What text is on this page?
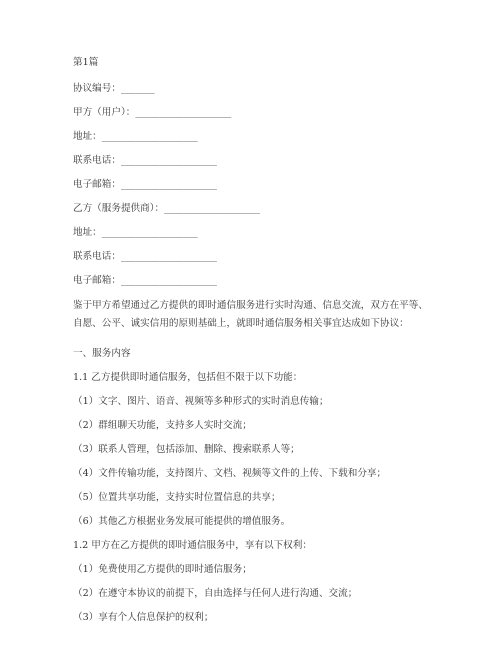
第1篇
协议编号：_______
甲方（用户）：____________________
地址：____________________
联系电话：____________________
电子邮箱：____________________
乙方（服务提供商）：____________________
地址：____________________
联系电话：____________________
电子邮箱：____________________
鉴于甲方希望通过乙方提供的即时通信服务进行实时沟通、信息交流，双方在平等、自愿、公平、诚实信用的原则基础上，就即时通信服务相关事宜达成如下协议：
一、服务内容
1.1 乙方提供即时通信服务，包括但不限于以下功能：
（1）文字、图片、语音、视频等多种形式的实时消息传输；
（2）群组聊天功能，支持多人实时交流；
（3）联系人管理，包括添加、删除、搜索联系人等；
（4）文件传输功能，支持图片、文档、视频等文件的上传、下载和分享；
（5）位置共享功能，支持实时位置信息的共享；
（6）其他乙方根据业务发展可能提供的增值服务。
1.2 甲方在乙方提供的即时通信服务中，享有以下权利：
（1）免费使用乙方提供的即时通信服务；
（2）在遵守本协议的前提下，自由选择与任何人进行沟通、交流；
（3）享有个人信息保护的权利；
